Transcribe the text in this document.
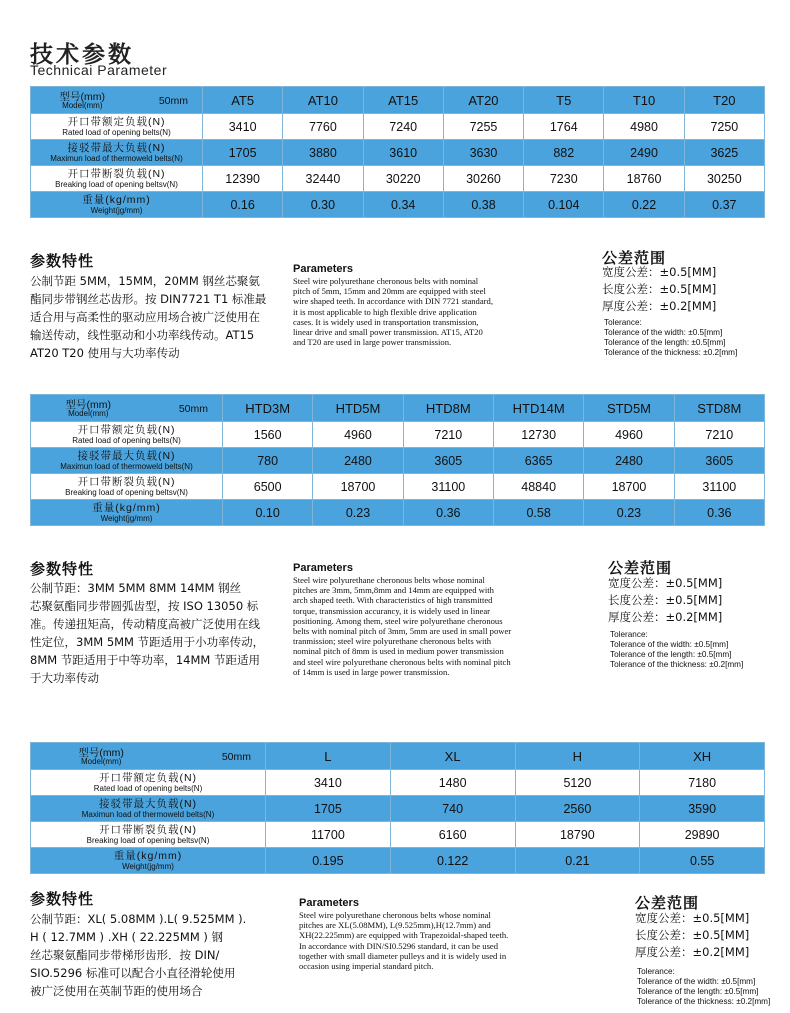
技术参数
Technicai Parameter
型号(mm)
Model(mm) 50mm	AT5	AT10	AT15	AT20	T5	T10	T20

开口带额定负载(N)
Rated load of opening belts(N)	3410	7760	7240	7255	1764	4980	7250

接驳带最大负载(N)
Maximun load of thermoweld belts(N)	1705	3880	3610	3630	882	2490	3625

开口带断裂负载(N)
Breaking load of opening beltsv(N)	12390	32440	30220	30260	7230	18760	30250

重量(kg/mm)
Weight(jg/mm)	0.16	0.30	0.34	0.38	0.104	0.22	0.37
参数特性
公制节距 5MM，15MM，20MM 钢丝芯聚氨
酯同步带钢丝芯齿形。按 DIN7721 T1 标准最
适合用与高柔性的驱动应用场合被广泛使用在
输送传动，线性驱动和小功率线传动。AT15
AT20 T20 使用与大功率传动
Parameters
Steel wire polyurethane cheronous belts with nominal
pitch of 5mm, 15mm and 20mm are equipped with steel
wire shaped teeth. In accordance with DIN 7721 standard,
it is most applicable to high flexible drive application
cases. It is widely used in transportation transmission,
linear drive and small power transmission. AT15, AT20
and T20 are used in large power transmission.
公差范围
宽度公差：±0.5[MM]
长度公差：±0.5[MM]
厚度公差：±0.2[MM]
Tolerance:
Tolerance of the width: ±0.5[mm]
Tolerance of the length: ±0.5[mm]
Tolerance of the thickness: ±0.2[mm]
型号(mm)
Model(mm) 50mm	HTD3M	HTD5M	HTD8M	HTD14M	STD5M	STD8M

开口带额定负载(N)
Rated load of opening belts(N)	1560	4960	7210	12730	4960	7210

接驳带最大负载(N)
Maximun load of thermoweld belts(N)	780	2480	3605	6365	2480	3605

开口带断裂负载(N)
Breaking load of opening beltsv(N)	6500	18700	31100	48840	18700	31100

重量(kg/mm)
Weight(jg/mm)	0.10	0.23	0.36	0.58	0.23	0.36
参数特性
公制节距：3MM 5MM 8MM 14MM 钢丝
芯聚氨酯同步带圆弧齿型，按 ISO 13050 标
准。传递扭矩高，传动精度高被广泛使用在线
性定位，3MM 5MM 节距适用于小功率传动，
8MM 节距适用于中等功率，14MM 节距适用
于大功率传动
Parameters
Steel wire polyurethane cheronous belts whose nominal
pitches are 3mm, 5mm,8mm and 14mm are equipped with
arch shaped teeth. With characteristics of high transmitted
torque, transmission accurancy, it is widely used in linear
positioning. Among them, steel wire polyurethane cheronous
belts with nominal pitch of 3mm, 5mm are used in small power
tranmission; steel wire polyurethane cheronous belts with
nominal pitch of 8mm is used in medium power transmission
and steel wire polyurethane cheronous belts with nominal pitch
of 14mm is used in large power transmission.
公差范围
宽度公差：±0.5[MM]
长度公差：±0.5[MM]
厚度公差：±0.2[MM]
Tolerance:
Tolerance of the width: ±0.5[mm]
Tolerance of the length: ±0.5[mm]
Tolerance of the thickness: ±0.2[mm]
型号(mm)
Model(mm) 50mm	L	XL	H	XH

开口带额定负载(N)
Rated load of opening belts(N)	3410	1480	5120	7180

接驳带最大负载(N)
Maximun load of thermoweld belts(N)	1705	740	2560	3590

开口带断裂负载(N)
Breaking load of opening beltsv(N)	11700	6160	18790	29890

重量(kg/mm)
Weight(jg/mm)	0.195	0.122	0.21	0.55
参数特性
公制节距：XL( 5.08MM ).L( 9.525MM ).
H ( 12.7MM ) .XH ( 22.225MM ) 钢
丝芯聚氨酯同步带梯形齿形．按 DIN/
SIO.5296 标准可以配合小直径滑轮使用
被广泛使用在英制节距的使用场合
Parameters
Steel wire polyurethane cheronous belts whose nominal
pitches are XL(5.08MM), L(9.525mm),H(12.7mm) and
XH(22.225mm) are equipped with Trapezoidal-shaped teeth.
In accordance with DIN/SI0.5296 standard, it can be used
together with small diameter pulleys and it is widely used in
occasion using imperial standard pitch.
公差范围
宽度公差：±0.5[MM]
长度公差：±0.5[MM]
厚度公差：±0.2[MM]
Tolerance:
Tolerance of the width: ±0.5[mm]
Tolerance of the length: ±0.5[mm]
Tolerance of the thickness: ±0.2[mm]
